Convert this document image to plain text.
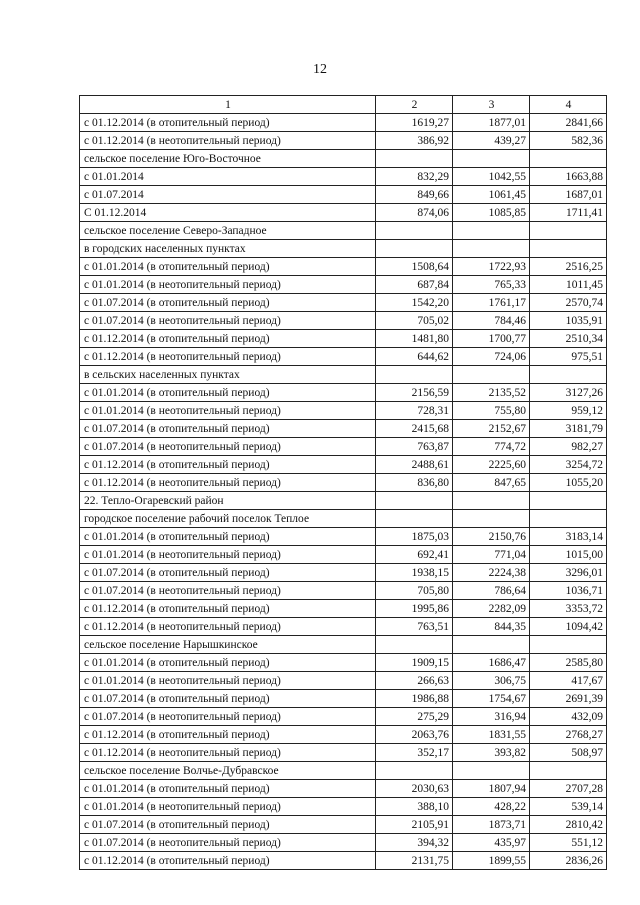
12
1	2	3	4
с 01.12.2014 (в отопительный период)	1619,27	1877,01	2841,66
с 01.12.2014 (в неотопительный период)	386,92	439,27	582,36
сельское поселение Юго-Восточное			
с 01.01.2014	832,29	1042,55	1663,88
с 01.07.2014	849,66	1061,45	1687,01
С 01.12.2014	874,06	1085,85	1711,41
сельское поселение Северо-Западное			
в городских населенных пунктах			
с 01.01.2014 (в отопительный период)	1508,64	1722,93	2516,25
с 01.01.2014 (в неотопительный период)	687,84	765,33	1011,45
с 01.07.2014 (в отопительный период)	1542,20	1761,17	2570,74
с 01.07.2014 (в неотопительный период)	705,02	784,46	1035,91
с 01.12.2014 (в отопительный период)	1481,80	1700,77	2510,34
с 01.12.2014 (в неотопительный период)	644,62	724,06	975,51
в сельских населенных пунктах			
с 01.01.2014 (в отопительный период)	2156,59	2135,52	3127,26
с 01.01.2014 (в неотопительный период)	728,31	755,80	959,12
с 01.07.2014 (в отопительный период)	2415,68	2152,67	3181,79
с 01.07.2014 (в неотопительный период)	763,87	774,72	982,27
с 01.12.2014 (в отопительный период)	2488,61	2225,60	3254,72
с 01.12.2014 (в неотопительный период)	836,80	847,65	1055,20
22. Тепло-Огаревский район			
городское поселение рабочий поселок Теплое			
с 01.01.2014 (в отопительный период)	1875,03	2150,76	3183,14
с 01.01.2014 (в неотопительный период)	692,41	771,04	1015,00
с 01.07.2014 (в отопительный период)	1938,15	2224,38	3296,01
с 01.07.2014 (в неотопительный период)	705,80	786,64	1036,71
с 01.12.2014 (в отопительный период)	1995,86	2282,09	3353,72
с 01.12.2014 (в неотопительный период)	763,51	844,35	1094,42
сельское поселение Нарышкинское			
с 01.01.2014 (в отопительный период)	1909,15	1686,47	2585,80
с 01.01.2014 (в неотопительный период)	266,63	306,75	417,67
с 01.07.2014 (в отопительный период)	1986,88	1754,67	2691,39
с 01.07.2014 (в неотопительный период)	275,29	316,94	432,09
с 01.12.2014 (в отопительный период)	2063,76	1831,55	2768,27
с 01.12.2014 (в неотопительный период)	352,17	393,82	508,97
сельское поселение Волчье-Дубравское			
с 01.01.2014 (в отопительный период)	2030,63	1807,94	2707,28
с 01.01.2014 (в неотопительный период)	388,10	428,22	539,14
с 01.07.2014 (в отопительный период)	2105,91	1873,71	2810,42
с 01.07.2014 (в неотопительный период)	394,32	435,97	551,12
с 01.12.2014 (в отопительный период)	2131,75	1899,55	2836,26
